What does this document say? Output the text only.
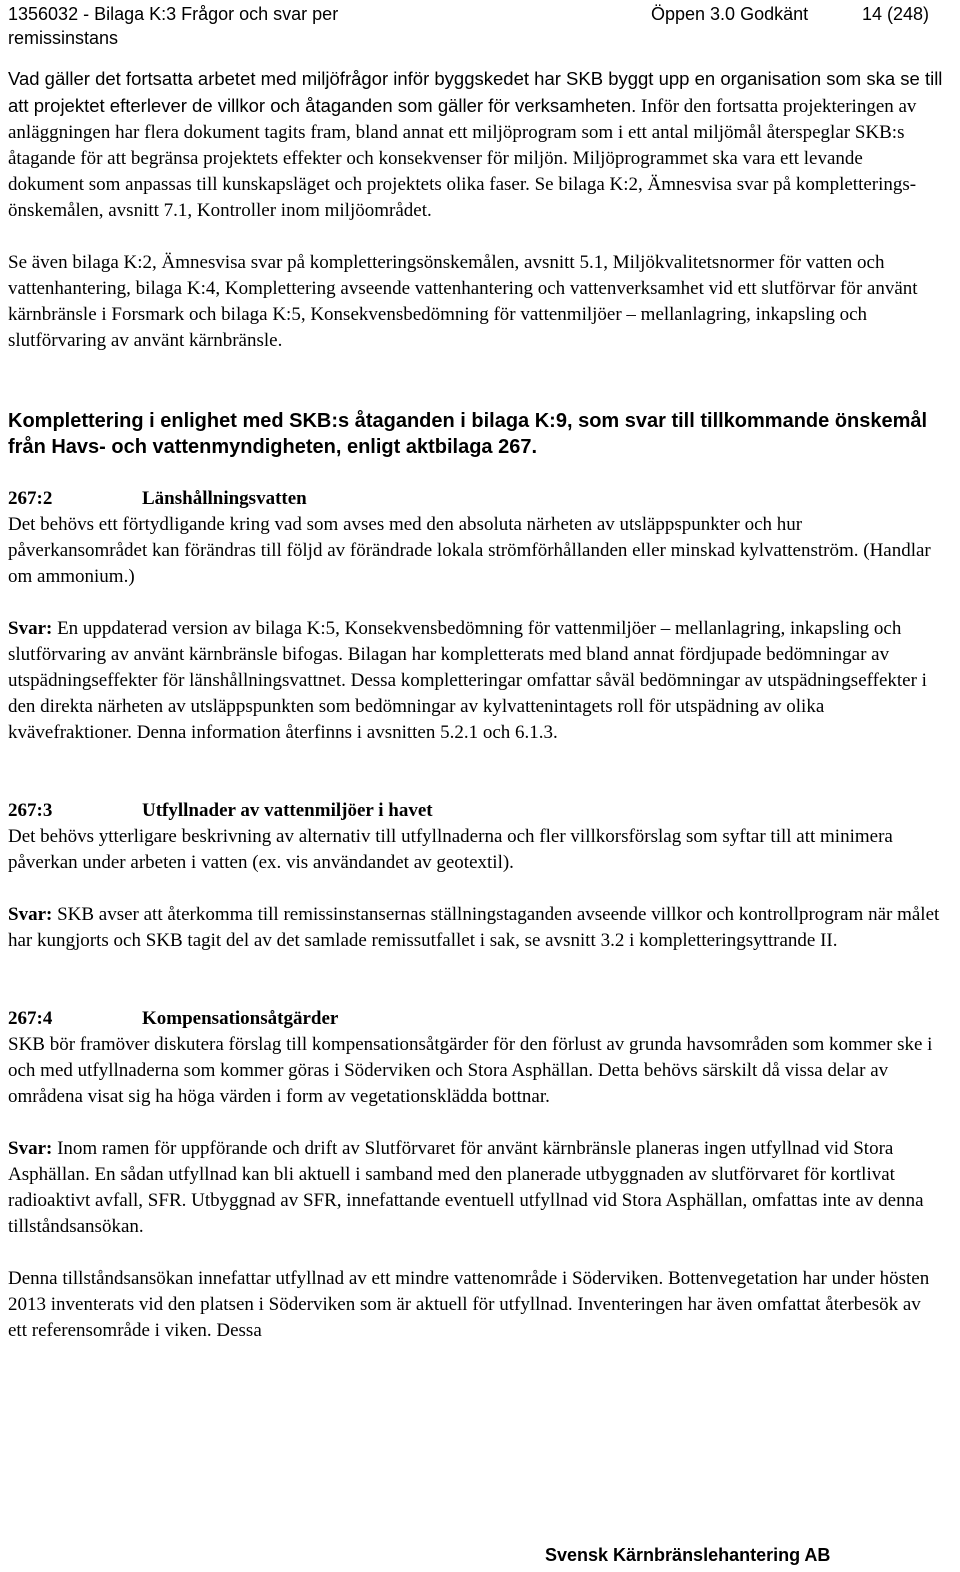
1356032 - Bilaga K:3 Frågor och svar per remissinstans
Öppen 3.0 Godkänt	14 (248)

Vad gäller det fortsatta arbetet med miljöfrågor inför byggskedet har SKB byggt upp en organisation som ska se till att projektet efterlever de villkor och åtaganden som gäller för verksamheten. Inför den fortsatta projekteringen av anläggningen har flera dokument tagits fram, bland annat ett miljöprogram som i ett antal miljömål återspeglar SKB:s åtagande för att begränsa projektets effekter och konsekvenser för miljön. Miljöprogrammet ska vara ett levande dokument som anpassas till kunskapsläget och projektets olika faser. Se bilaga K:2, Ämnesvisa svar på kompletterings-önskemålen, avsnitt 7.1, Kontroller inom miljöområdet.

Se även bilaga K:2, Ämnesvisa svar på kompletteringsönskemålen, avsnitt 5.1, Miljökvalitetsnormer för vatten och vattenhantering, bilaga K:4, Komplettering avseende vattenhantering och vattenverksamhet vid ett slutförvar för använt kärnbränsle i Forsmark och bilaga K:5, Konsekvensbedömning för vattenmiljöer – mellanlagring, inkapsling och slutförvaring av använt kärnbränsle.

Komplettering i enlighet med SKB:s åtaganden i bilaga K:9, som svar till tillkommande önskemål från Havs- och vattenmyndigheten, enligt aktbilaga 267.

267:2	Länshållningsvatten

Det behövs ett förtydligande kring vad som avses med den absoluta närheten av utsläppspunkter och hur påverkansområdet kan förändras till följd av förändrade lokala strömförhållanden eller minskad kylvattenström. (Handlar om ammonium.)

Svar: En uppdaterad version av bilaga K:5, Konsekvensbedömning för vattenmiljöer – mellanlagring, inkapsling och slutförvaring av använt kärnbränsle bifogas. Bilagan har kompletterats med bland annat fördjupade bedömningar av utspädningseffekter för länshållningsvattnet. Dessa kompletteringar omfattar såväl bedömningar av utspädningseffekter i den direkta närheten av utsläppspunkten som bedömningar av kylvattenintagets roll för utspädning av olika kvävefraktioner. Denna information återfinns i avsnitten 5.2.1 och 6.1.3.

267:3	Utfyllnader av vattenmiljöer i havet

Det behövs ytterligare beskrivning av alternativ till utfyllnaderna och fler villkorsförslag som syftar till att minimera påverkan under arbeten i vatten (ex. vis användandet av geotextil).

Svar: SKB avser att återkomma till remissinstansernas ställningstaganden avseende villkor och kontrollprogram när målet har kungjorts och SKB tagit del av det samlade remissutfallet i sak, se avsnitt 3.2 i kompletteringsyttrande II.

267:4	Kompensationsåtgärder

SKB bör framöver diskutera förslag till kompensationsåtgärder för den förlust av grunda havsområden som kommer ske i och med utfyllnaderna som kommer göras i Söderviken och Stora Asphällan. Detta behövs särskilt då vissa delar av områdena visat sig ha höga värden i form av vegetationsklädda bottnar.

Svar: Inom ramen för uppförande och drift av Slutförvaret för använt kärnbränsle planeras ingen utfyllnad vid Stora Asphällan. En sådan utfyllnad kan bli aktuell i samband med den planerade utbyggnaden av slutförvaret för kortlivat radioaktivt avfall, SFR. Utbyggnad av SFR, innefattande eventuell utfyllnad vid Stora Asphällan, omfattas inte av denna tillståndsansökan.

Denna tillståndsansökan innefattar utfyllnad av ett mindre vattenområde i Söderviken. Bottenvegetation har under hösten 2013 inventerats vid den platsen i Söderviken som är aktuell för utfyllnad. Inventeringen har även omfattat återbesök av ett referensområde i viken. Dessa

Svensk Kärnbränslehantering AB
